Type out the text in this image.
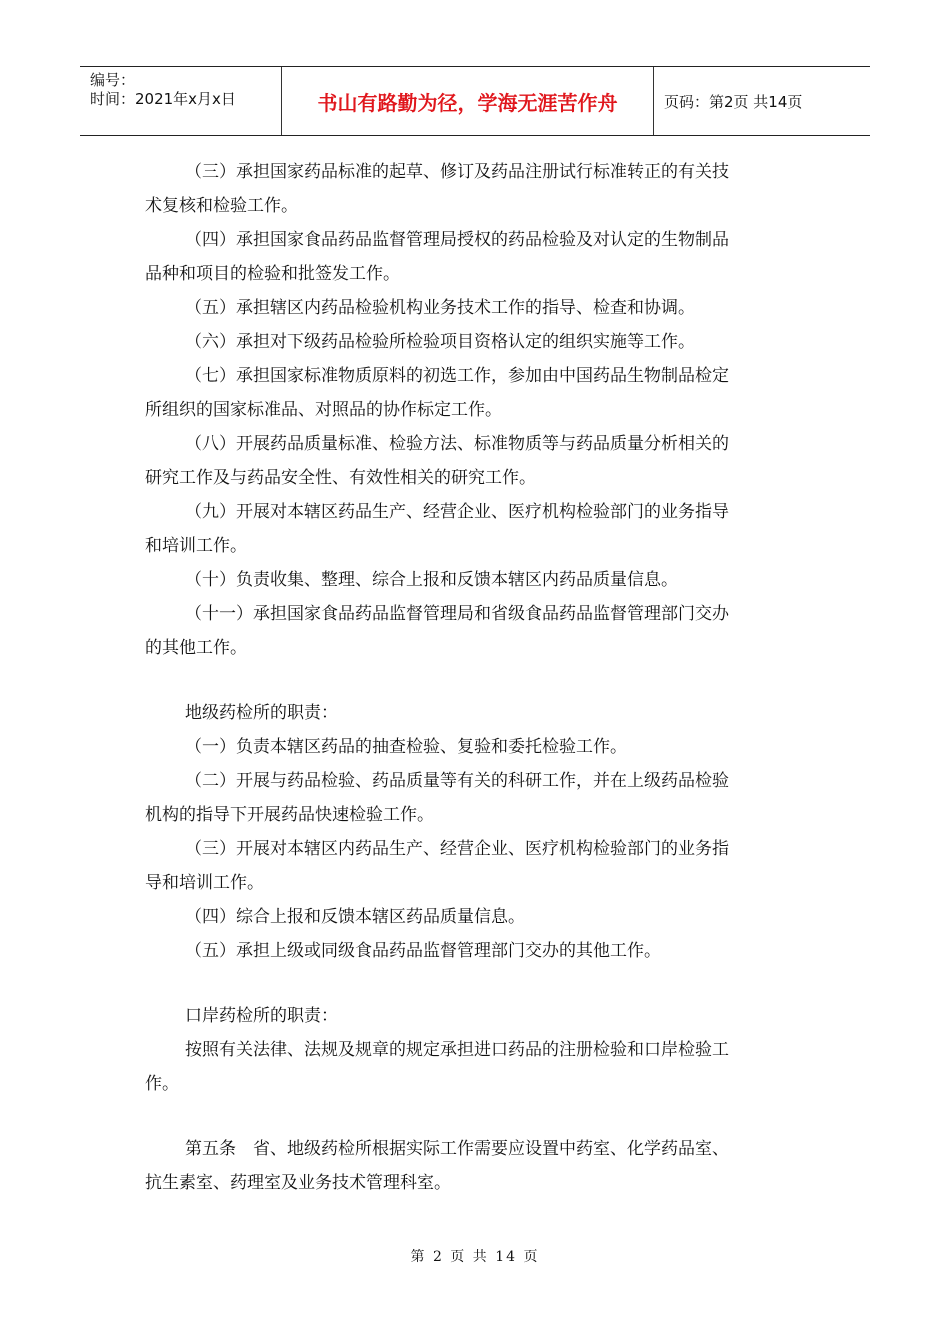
编号：
时间：2021年x月x日	书山有路勤为径，学海无涯苦作舟	页码：第2页 共14页
（三）承担国家药品标准的起草、修订及药品注册试行标准转正的有关技
术复核和检验工作。
（四）承担国家食品药品监督管理局授权的药品检验及对认定的生物制品
品种和项目的检验和批签发工作。
（五）承担辖区内药品检验机构业务技术工作的指导、检查和协调。
（六）承担对下级药品检验所检验项目资格认定的组织实施等工作。
（七）承担国家标准物质原料的初选工作，参加由中国药品生物制品检定
所组织的国家标准品、对照品的协作标定工作。
（八）开展药品质量标准、检验方法、标准物质等与药品质量分析相关的
研究工作及与药品安全性、有效性相关的研究工作。
（九）开展对本辖区药品生产、经营企业、医疗机构检验部门的业务指导
和培训工作。
（十）负责收集、整理、综合上报和反馈本辖区内药品质量信息。
（十一）承担国家食品药品监督管理局和省级食品药品监督管理部门交办
的其他工作。
地级药检所的职责：
（一）负责本辖区药品的抽查检验、复验和委托检验工作。
（二）开展与药品检验、药品质量等有关的科研工作，并在上级药品检验
机构的指导下开展药品快速检验工作。
（三）开展对本辖区内药品生产、经营企业、医疗机构检验部门的业务指
导和培训工作。
（四）综合上报和反馈本辖区药品质量信息。
（五）承担上级或同级食品药品监督管理部门交办的其他工作。
口岸药检所的职责：
按照有关法律、法规及规章的规定承担进口药品的注册检验和口岸检验工
作。
第五条　省、地级药检所根据实际工作需要应设置中药室、化学药品室、
抗生素室、药理室及业务技术管理科室。
第 2 页 共 14 页
